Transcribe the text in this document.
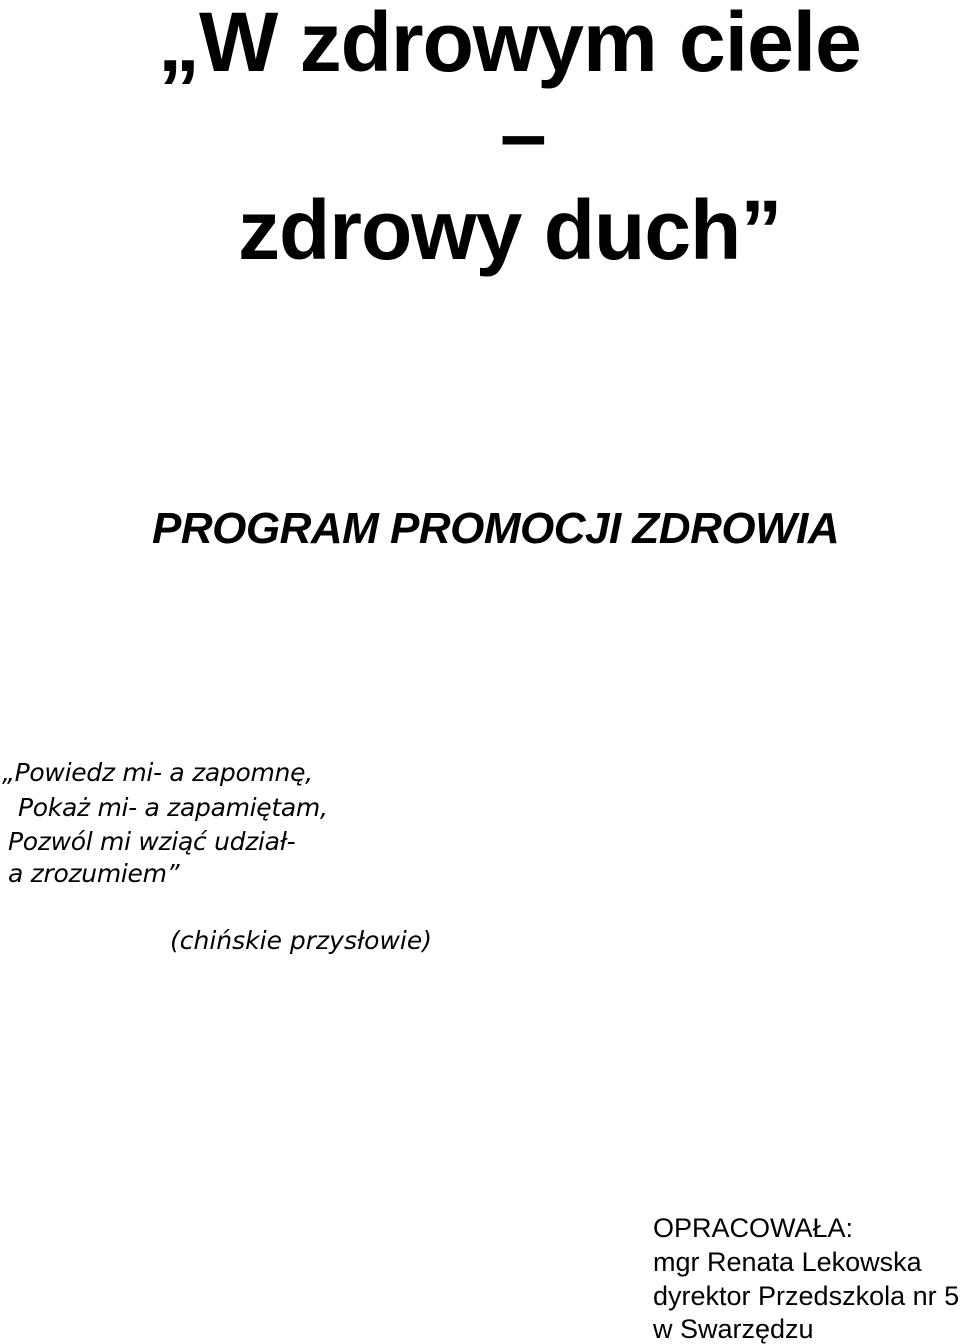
„W zdrowym ciele
–
zdrowy duch”
PROGRAM PROMOCJI ZDROWIA
„Powiedz mi- a zapomnę,
Pokaż mi- a zapamiętam,
Pozwól mi wziąć udział-
a zrozumiem”
(chińskie przysłowie)
OPRACOWAŁA:
mgr Renata Lekowska
dyrektor Przedszkola nr 5
w Swarzędzu
